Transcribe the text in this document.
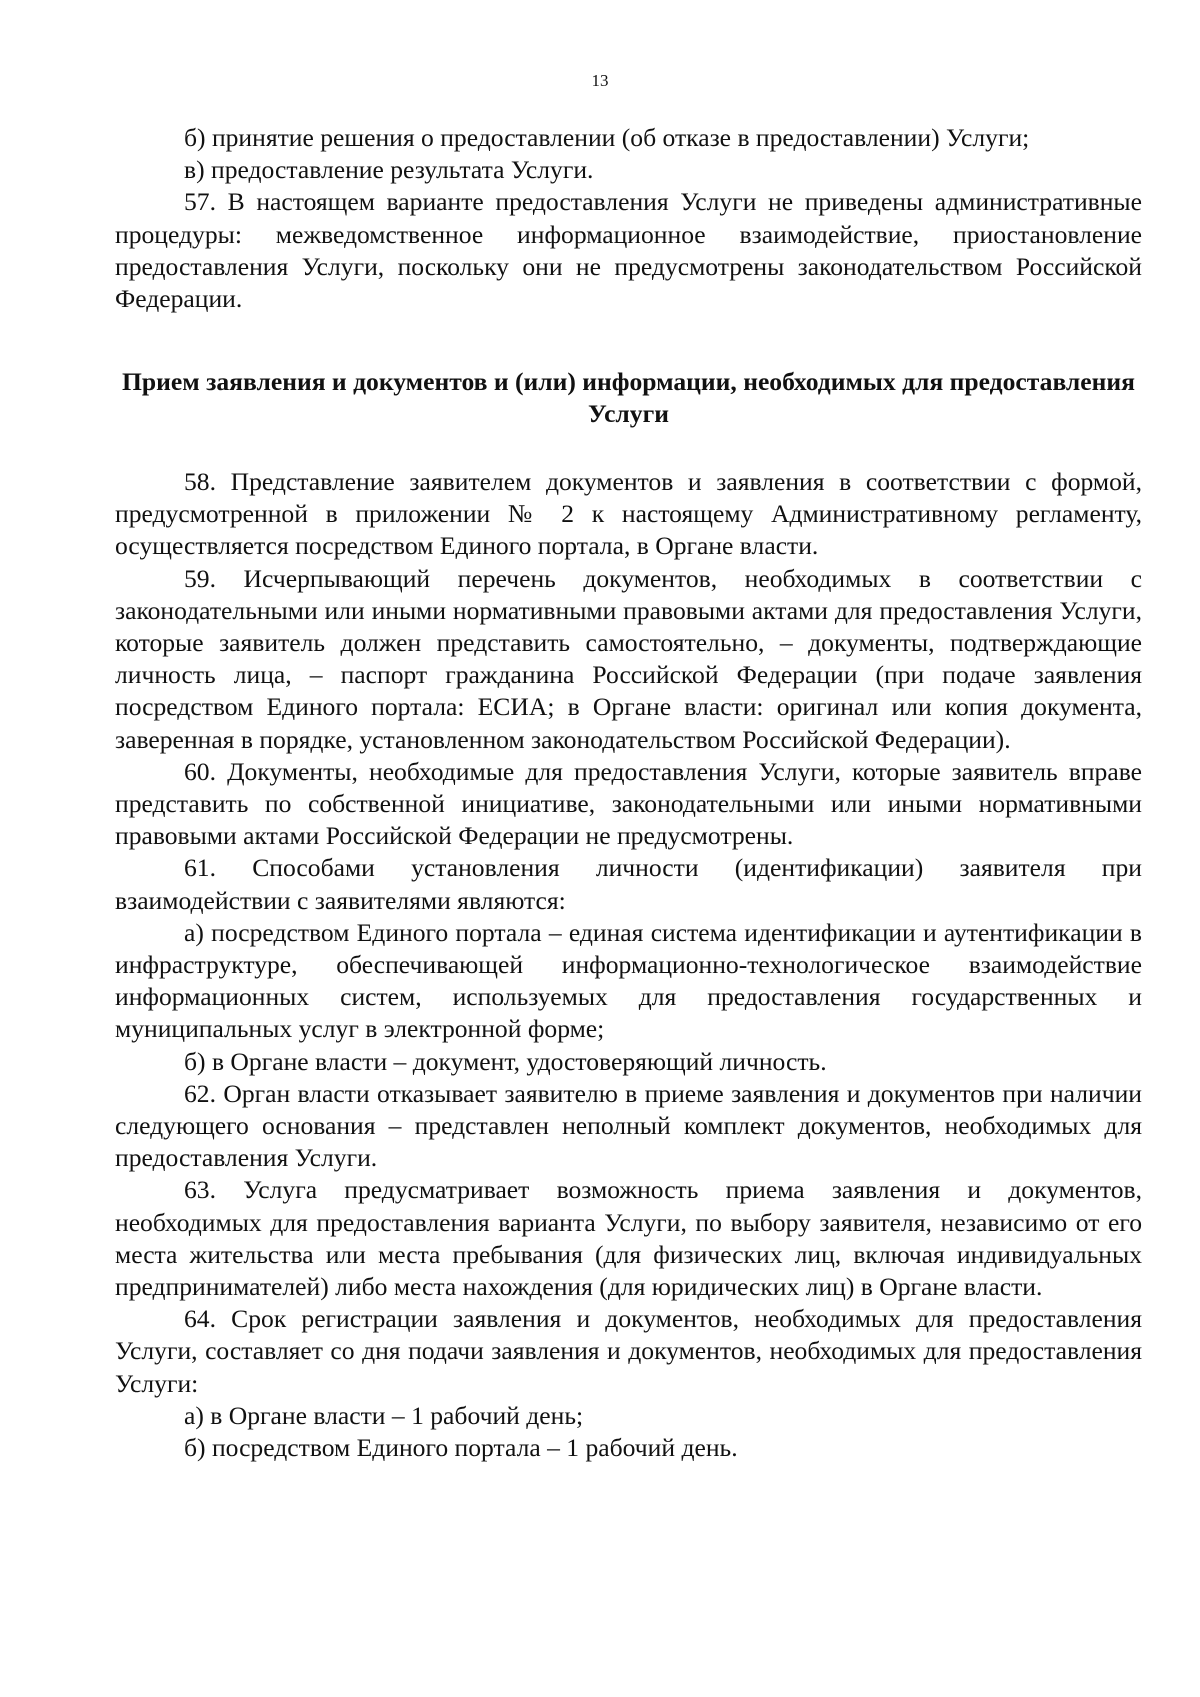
13

б) принятие решения о предоставлении (об отказе в предоставлении) Услуги;

в) предоставление результата Услуги.

57. В настоящем варианте предоставления Услуги не приведены административные процедуры: межведомственное информационное взаимодействие, приостановление предоставления Услуги, поскольку они не предусмотрены законодательством Российской Федерации.

Прием заявления и документов и (или) информации, необходимых для предоставления Услуги

58. Представление заявителем документов и заявления в соответствии с формой, предусмотренной в приложении № 2 к настоящему Административному регламенту, осуществляется посредством Единого портала, в Органе власти.

59. Исчерпывающий перечень документов, необходимых в соответствии с законодательными или иными нормативными правовыми актами для предоставления Услуги, которые заявитель должен представить самостоятельно, – документы, подтверждающие личность лица, – паспорт гражданина Российской Федерации (при подаче заявления посредством Единого портала: ЕСИА; в Органе власти: оригинал или копия документа, заверенная в порядке, установленном законодательством Российской Федерации).

60. Документы, необходимые для предоставления Услуги, которые заявитель вправе представить по собственной инициативе, законодательными или иными нормативными правовыми актами Российской Федерации не предусмотрены.

61. Способами установления личности (идентификации) заявителя при взаимодействии с заявителями являются:

а) посредством Единого портала – единая система идентификации и аутентификации в инфраструктуре, обеспечивающей информационно-технологическое взаимодействие информационных систем, используемых для предоставления государственных и муниципальных услуг в электронной форме;

б) в Органе власти – документ, удостоверяющий личность.

62. Орган власти отказывает заявителю в приеме заявления и документов при наличии следующего основания – представлен неполный комплект документов, необходимых для предоставления Услуги.

63. Услуга предусматривает возможность приема заявления и документов, необходимых для предоставления варианта Услуги, по выбору заявителя, независимо от его места жительства или места пребывания (для физических лиц, включая индивидуальных предпринимателей) либо места нахождения (для юридических лиц) в Органе власти.

64. Срок регистрации заявления и документов, необходимых для предоставления Услуги, составляет со дня подачи заявления и документов, необходимых для предоставления Услуги:

а) в Органе власти – 1 рабочий день;

б) посредством Единого портала – 1 рабочий день.
